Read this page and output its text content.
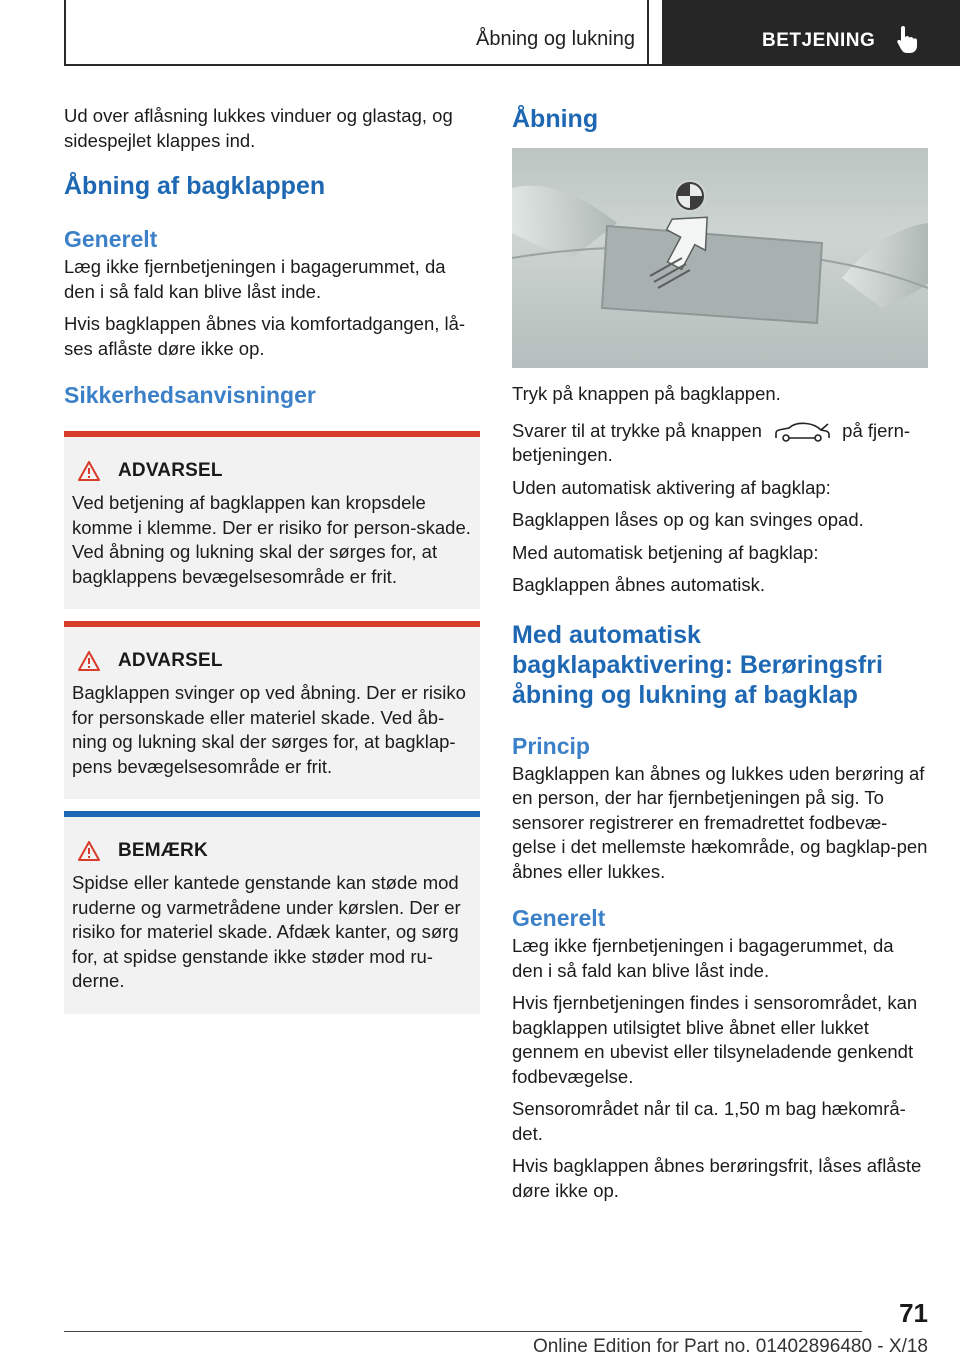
Åbning og lukning	BETJENING

Ud over aflåsning lukkes vinduer og glastag, og sidespejlet klappes ind.

Åbning af bagklappen
Generelt

Læg ikke fjernbetjeningen i bagagerummet, da den i så fald kan blive låst inde.

Hvis bagklappen åbnes via komfortadgangen, lå-ses aflåste døre ikke op.

Sikkerhedsanvisninger
ADVARSEL

Ved betjening af bagklappen kan kropsdele komme i klemme. Der er risiko for person-skade. Ved åbning og lukning skal der sørges for, at bagklappens bevægelsesområde er frit.

ADVARSEL

Bagklappen svinger op ved åbning. Der er risiko for personskade eller materiel skade. Ved åb-ning og lukning skal der sørges for, at bagklap-pens bevægelsesområde er frit.

BEMÆRK

Spidse eller kantede genstande kan støde mod ruderne og varmetrådene under kørslen. Der er risiko for materiel skade. Afdæk kanter, og sørg for, at spidse genstande ikke støder mod ru-derne.

Åbning

Tryk på knappen på bagklappen.

Svarer til at trykke på knappen	på fjern-betjeningen.

Uden automatisk aktivering af bagklap:

Bagklappen låses op og kan svinges opad.

Med automatisk betjening af bagklap:

Bagklappen åbnes automatisk.

Med automatisk bagklapaktivering: Berøringsfri åbning og lukning af bagklap
Princip

Bagklappen kan åbnes og lukkes uden berøring af en person, der har fjernbetjeningen på sig. To sensorer registrerer en fremadrettet fodbevæ-gelse i det mellemste hækområde, og bagklap-pen åbnes eller lukkes.

Generelt

Læg ikke fjernbetjeningen i bagagerummet, da den i så fald kan blive låst inde.

Hvis fjernbetjeningen findes i sensorområdet, kan bagklappen utilsigtet blive åbnet eller lukket gennem en ubevist eller tilsyneladende genkendt fodbevægelse.

Sensorområdet når til ca. 1,50 m bag hækområ-det.

Hvis bagklappen åbnes berøringsfrit, låses aflåste døre ikke op.

71
Online Edition for Part no. 01402896480 - X/18
